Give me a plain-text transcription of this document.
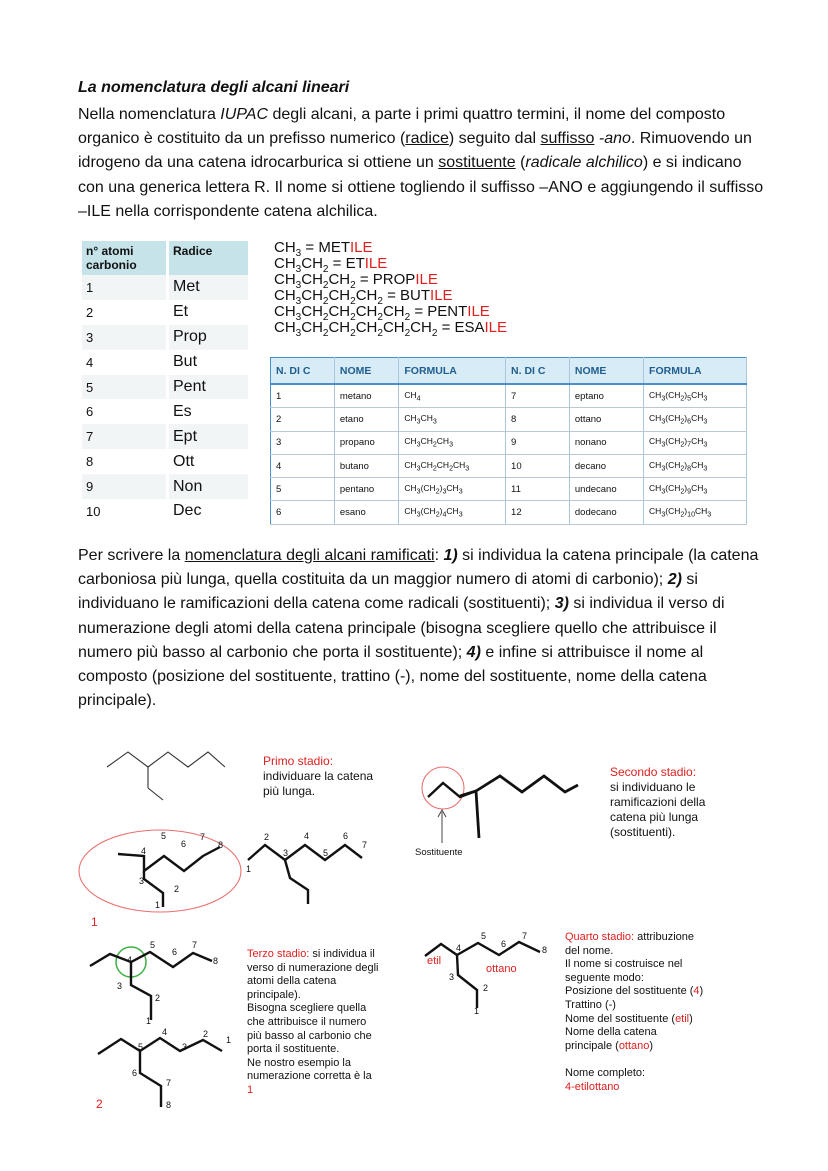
La nomenclatura degli alcani lineari
Nella nomenclatura IUPAC degli alcani, a parte i primi quattro termini, il nome del composto organico è costituito da un prefisso numerico (radice) seguito dal suffisso -ano. Rimuovendo un idrogeno da una catena idrocarburica si ottiene un sostituente (radicale alchilico) e si indicano con una generica lettera R. Il nome si ottiene togliendo il suffisso –ANO e aggiungendo il suffisso –ILE nella corrispondente catena alchilica.
n° atomi carbonio	Radice
1	Met
2	Et
3	Prop
4	But
5	Pent
6	Es
7	Ept
8	Ott
9	Non
10	Dec
$CH_3$ = METILE
$CH_3CH_2$ = ETILE
$CH_3CH_2CH_2$ = PROPILE
$CH_3CH_2CH_2CH_2$ = BUTILE
$CH_3CH_2CH_2CH_2CH_2$ = PENTILE
$CH_3CH_2CH_2CH_2CH_2CH_2$ = ESAILE
N. DI C	NOME	FORMULA	N. DI C	NOME	FORMULA
1	metano	$CH_4$	7	eptano	$CH_3(CH_2)_5CH_3$
2	etano	$CH_3CH_3$	8	ottano	$CH_3(CH_2)_6CH_3$
3	propano	$CH_3CH_2CH_3$	9	nonano	$CH_3(CH_2)_7CH_3$
4	butano	$CH_3CH_2CH_2CH_3$	10	decano	$CH_3(CH_2)_8CH_3$
5	pentano	$CH_3(CH_2)_3CH_3$	11	undecano	$CH_3(CH_2)_9CH_3$
6	esano	$CH_3(CH_2)_4CH_3$	12	dodecano	$CH_3(CH_2)_{10}CH_3$
Per scrivere la nomenclatura degli alcani ramificati: 1) si individua la catena principale (la catena carboniosa più lunga, quella costituita da un maggior numero di atomi di carbonio); 2) si individuano le ramificazioni della catena come radicali (sostituenti); 3) si individua il verso di numerazione degli atomi della catena principale (bisogna scegliere quello che attribuisce il numero più basso al carbonio che porta il sostituente); 4) e infine si attribuisce il nome al composto (posizione del sostituente, trattino (-), nome del sostituente, nome della catena principale).
Primo stadio:
individuare la catena
più lunga.
5
6
7
8
4
3
2
1
2	4	6
7
3	5
1
1
Secondo stadio:
si individuano le
ramificazioni della
catena più lunga
(sostituenti).
Sostituente
5
6
7
8
4
3
2
1
4	2
1
5	3
6
7
8
2
Terzo stadio: si individua il
verso di numerazione degli
atomi della catena
principale).
Bisogna scegliere quella
che attribuisce il numero
più basso al carbonio che
porta il sostituente.
Ne nostro esempio la
numerazione corretta è la
1
5
6
7
8
4
3
2
1
etil
ottano
Quarto stadio: attribuzione
del nome.
Il nome si costruisce nel
seguente modo:
Posizione del sostituente (4)
Trattino (-)
Nome del sostituente (etil)
Nome della catena
principale (ottano)

Nome completo:
4-etilottano
